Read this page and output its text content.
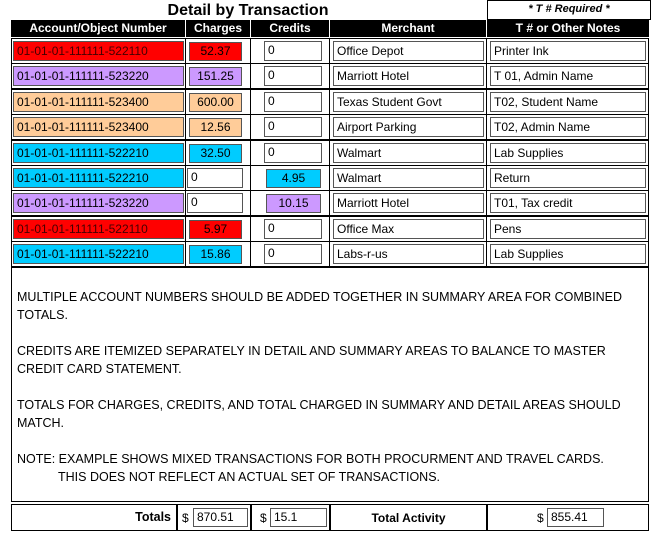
Detail by Transaction	* T # Required *
Account/Object Number	Charges	Credits	Merchant	T # or Other Notes
01-01-01-111111-522110	52.37	0	Office Depot	Printer Ink
01-01-01-111111-523220	151.25	0	Marriott Hotel	T 01, Admin Name
01-01-01-111111-523400	600.00	0	Texas Student Govt	T02, Student Name
01-01-01-111111-523400	12.56	0	Airport Parking	T02, Admin Name
01-01-01-111111-522210	32.50	0	Walmart	Lab Supplies
01-01-01-111111-522210	0	4.95	Walmart	Return
01-01-01-111111-523220	0	10.15	Marriott Hotel	T01, Tax credit
01-01-01-111111-522110	5.97	0	Office Max	Pens
01-01-01-111111-522210	15.86	0	Labs-r-us	Lab Supplies

MULTIPLE ACCOUNT NUMBERS SHOULD BE ADDED TOGETHER IN SUMMARY AREA FOR COMBINED TOTALS.

CREDITS ARE ITEMIZED SEPARATELY IN DETAIL AND SUMMARY AREAS TO BALANCE TO MASTER CREDIT CARD STATEMENT.

TOTALS FOR CHARGES, CREDITS, AND TOTAL CHARGED IN SUMMARY AND DETAIL AREAS SHOULD MATCH.

NOTE: EXAMPLE SHOWS MIXED TRANSACTIONS FOR BOTH PROCURMENT AND TRAVEL CARDS.

THIS DOES NOT REFLECT AN ACTUAL SET OF TRANSACTIONS.

Totals $ 870.51	$ 15.1	Total Activity	$ 855.41
